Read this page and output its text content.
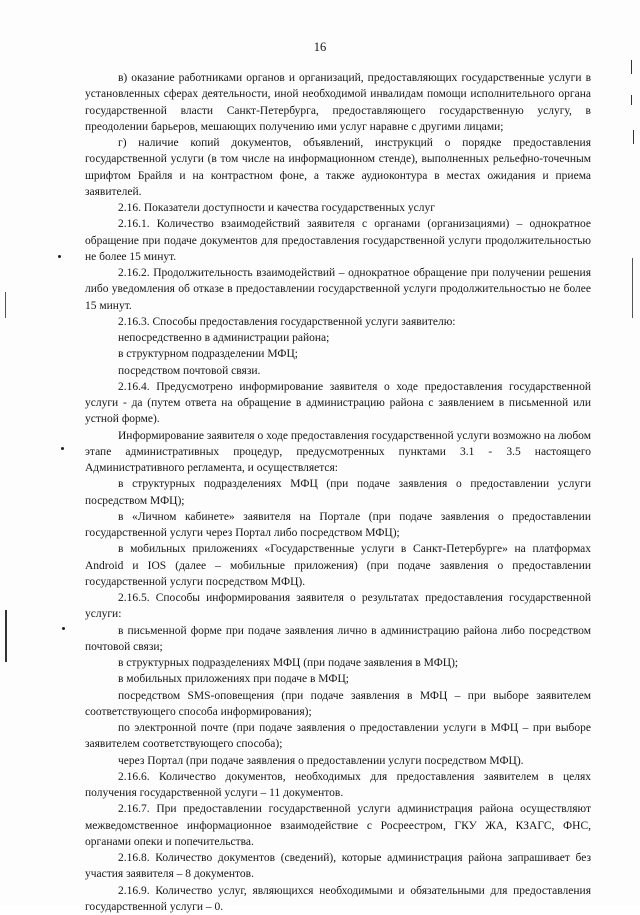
16

в) оказание работниками органов и организаций, предоставляющих государственные услуги в установленных сферах деятельности, иной необходимой инвалидам помощи исполнительного органа государственной власти Санкт-Петербурга, предоставляющего государственную услугу, в преодолении барьеров, мешающих получению ими услуг наравне с другими лицами;

г) наличие копий документов, объявлений, инструкций о порядке предоставления государственной услуги (в том числе на информационном стенде), выполненных рельефно-точечным шрифтом Брайля и на контрастном фоне, а также аудиоконтура в местах ожидания и приема заявителей.

2.16. Показатели доступности и качества государственных услуг

2.16.1. Количество взаимодействий заявителя с органами (организациями) – однократное обращение при подаче документов для предоставления государственной услуги продолжительностью не более 15 минут.

2.16.2. Продолжительность взаимодействий – однократное обращение при получении решения либо уведомления об отказе в предоставлении государственной услуги продолжительностью не более 15 минут.

2.16.3. Способы предоставления государственной услуги заявителю:

непосредственно в администрации района;

в структурном подразделении МФЦ;

посредством почтовой связи.

2.16.4. Предусмотрено информирование заявителя о ходе предоставления государственной услуги - да (путем ответа на обращение в администрацию района с заявлением в письменной или устной форме).

Информирование заявителя о ходе предоставления государственной услуги возможно на любом этапе административных процедур, предусмотренных пунктами 3.1 - 3.5 настоящего Административного регламента, и осуществляется:

в структурных подразделениях МФЦ (при подаче заявления о предоставлении услуги посредством МФЦ);

в «Личном кабинете» заявителя на Портале (при подаче заявления о предоставлении государственной услуги через Портал либо посредством МФЦ);

в мобильных приложениях «Государственные услуги в Санкт-Петербурге» на платформах Android и IOS (далее – мобильные приложения) (при подаче заявления о предоставлении государственной услуги посредством МФЦ).

2.16.5. Способы информирования заявителя о результатах предоставления государственной услуги:

в письменной форме при подаче заявления лично в администрацию района либо посредством почтовой связи;

в структурных подразделениях МФЦ (при подаче заявления в МФЦ);

в мобильных приложениях при подаче в МФЦ;

посредством SMS-оповещения (при подаче заявления в МФЦ – при выборе заявителем соответствующего способа информирования);

по электронной почте (при подаче заявления о предоставлении услуги в МФЦ – при выборе заявителем соответствующего способа);

через Портал (при подаче заявления о предоставлении услуги посредством МФЦ).

2.16.6. Количество документов, необходимых для предоставления заявителем в целях получения государственной услуги – 11 документов.

2.16.7. При предоставлении государственной услуги администрация района осуществляют межведомственное информационное взаимодействие с Росреестром, ГКУ ЖА, КЗАГС, ФНС, органами опеки и попечительства.

2.16.8. Количество документов (сведений), которые администрация района запрашивает без участия заявителя – 8 документов.

2.16.9. Количество услуг, являющихся необходимыми и обязательными для предоставления государственной услуги – 0.
